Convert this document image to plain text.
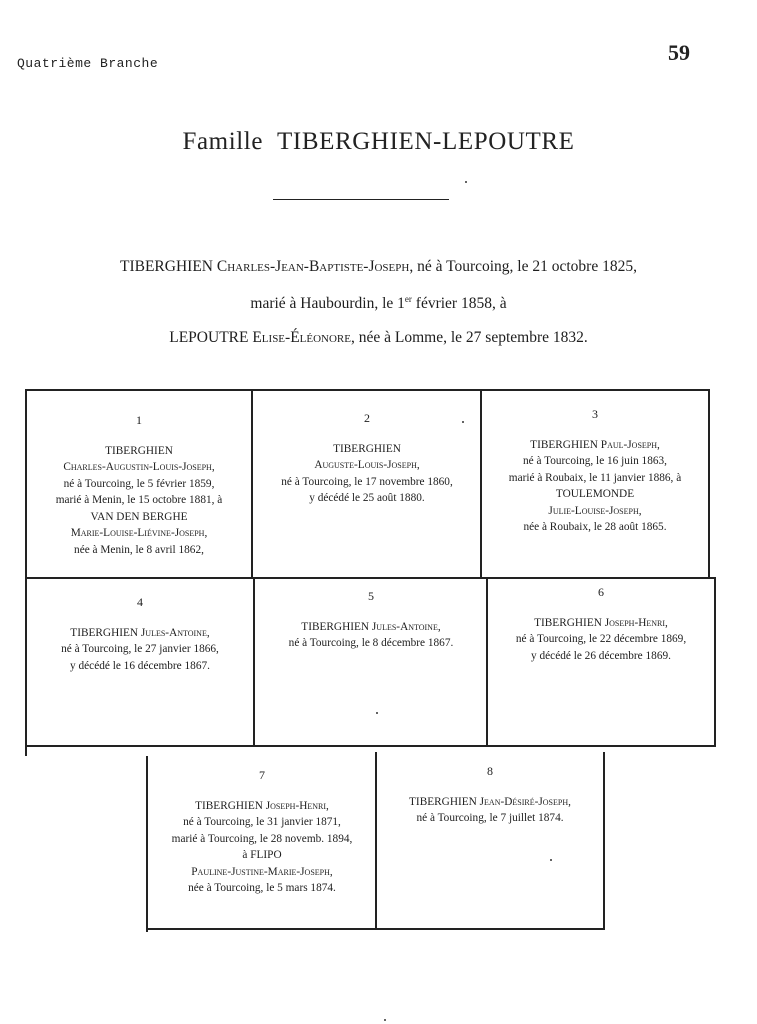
Quatrième Branche	59
Famille TIBERGHIEN-LEPOUTRE
TIBERGHIEN Charles-Jean-Baptiste-Joseph, né à Tourcoing, le 21 octobre 1825,
marié à Haubourdin, le 1er février 1858, à
LEPOUTRE Elise-Éléonore, née à Lomme, le 27 septembre 1832.
1
TIBERGHIEN
Charles-Augustin-Louis-Joseph,
né à Tourcoing, le 5 février 1859,
marié à Menin, le 15 octobre 1881, à
VAN DEN BERGHE
Marie-Louise-Liévine-Joseph,
née à Menin, le 8 avril 1862,
2
TIBERGHIEN
Auguste-Louis-Joseph,
né à Tourcoing, le 17 novembre 1860,
y décédé le 25 août 1880.
3
TIBERGHIEN Paul-Joseph,
né à Tourcoing, le 16 juin 1863,
marié à Roubaix, le 11 janvier 1886, à
TOULEMONDE
Julie-Louise-Joseph,
née à Roubaix, le 28 août 1865.
4
TIBERGHIEN Jules-Antoine,
né à Tourcoing, le 27 janvier 1866,
y décédé le 16 décembre 1867.
5
TIBERGHIEN Jules-Antoine,
né à Tourcoing, le 8 décembre 1867.
6
TIBERGHIEN Joseph-Henri,
né à Tourcoing, le 22 décembre 1869,
y décédé le 26 décembre 1869.
7
TIBERGHIEN Joseph-Henri,
né à Tourcoing, le 31 janvier 1871,
marié à Tourcoing, le 28 novemb. 1894,
à FLIPO
Pauline-Justine-Marie-Joseph,
née à Tourcoing, le 5 mars 1874.
8
TIBERGHIEN Jean-Désiré-Joseph,
né à Tourcoing, le 7 juillet 1874.
